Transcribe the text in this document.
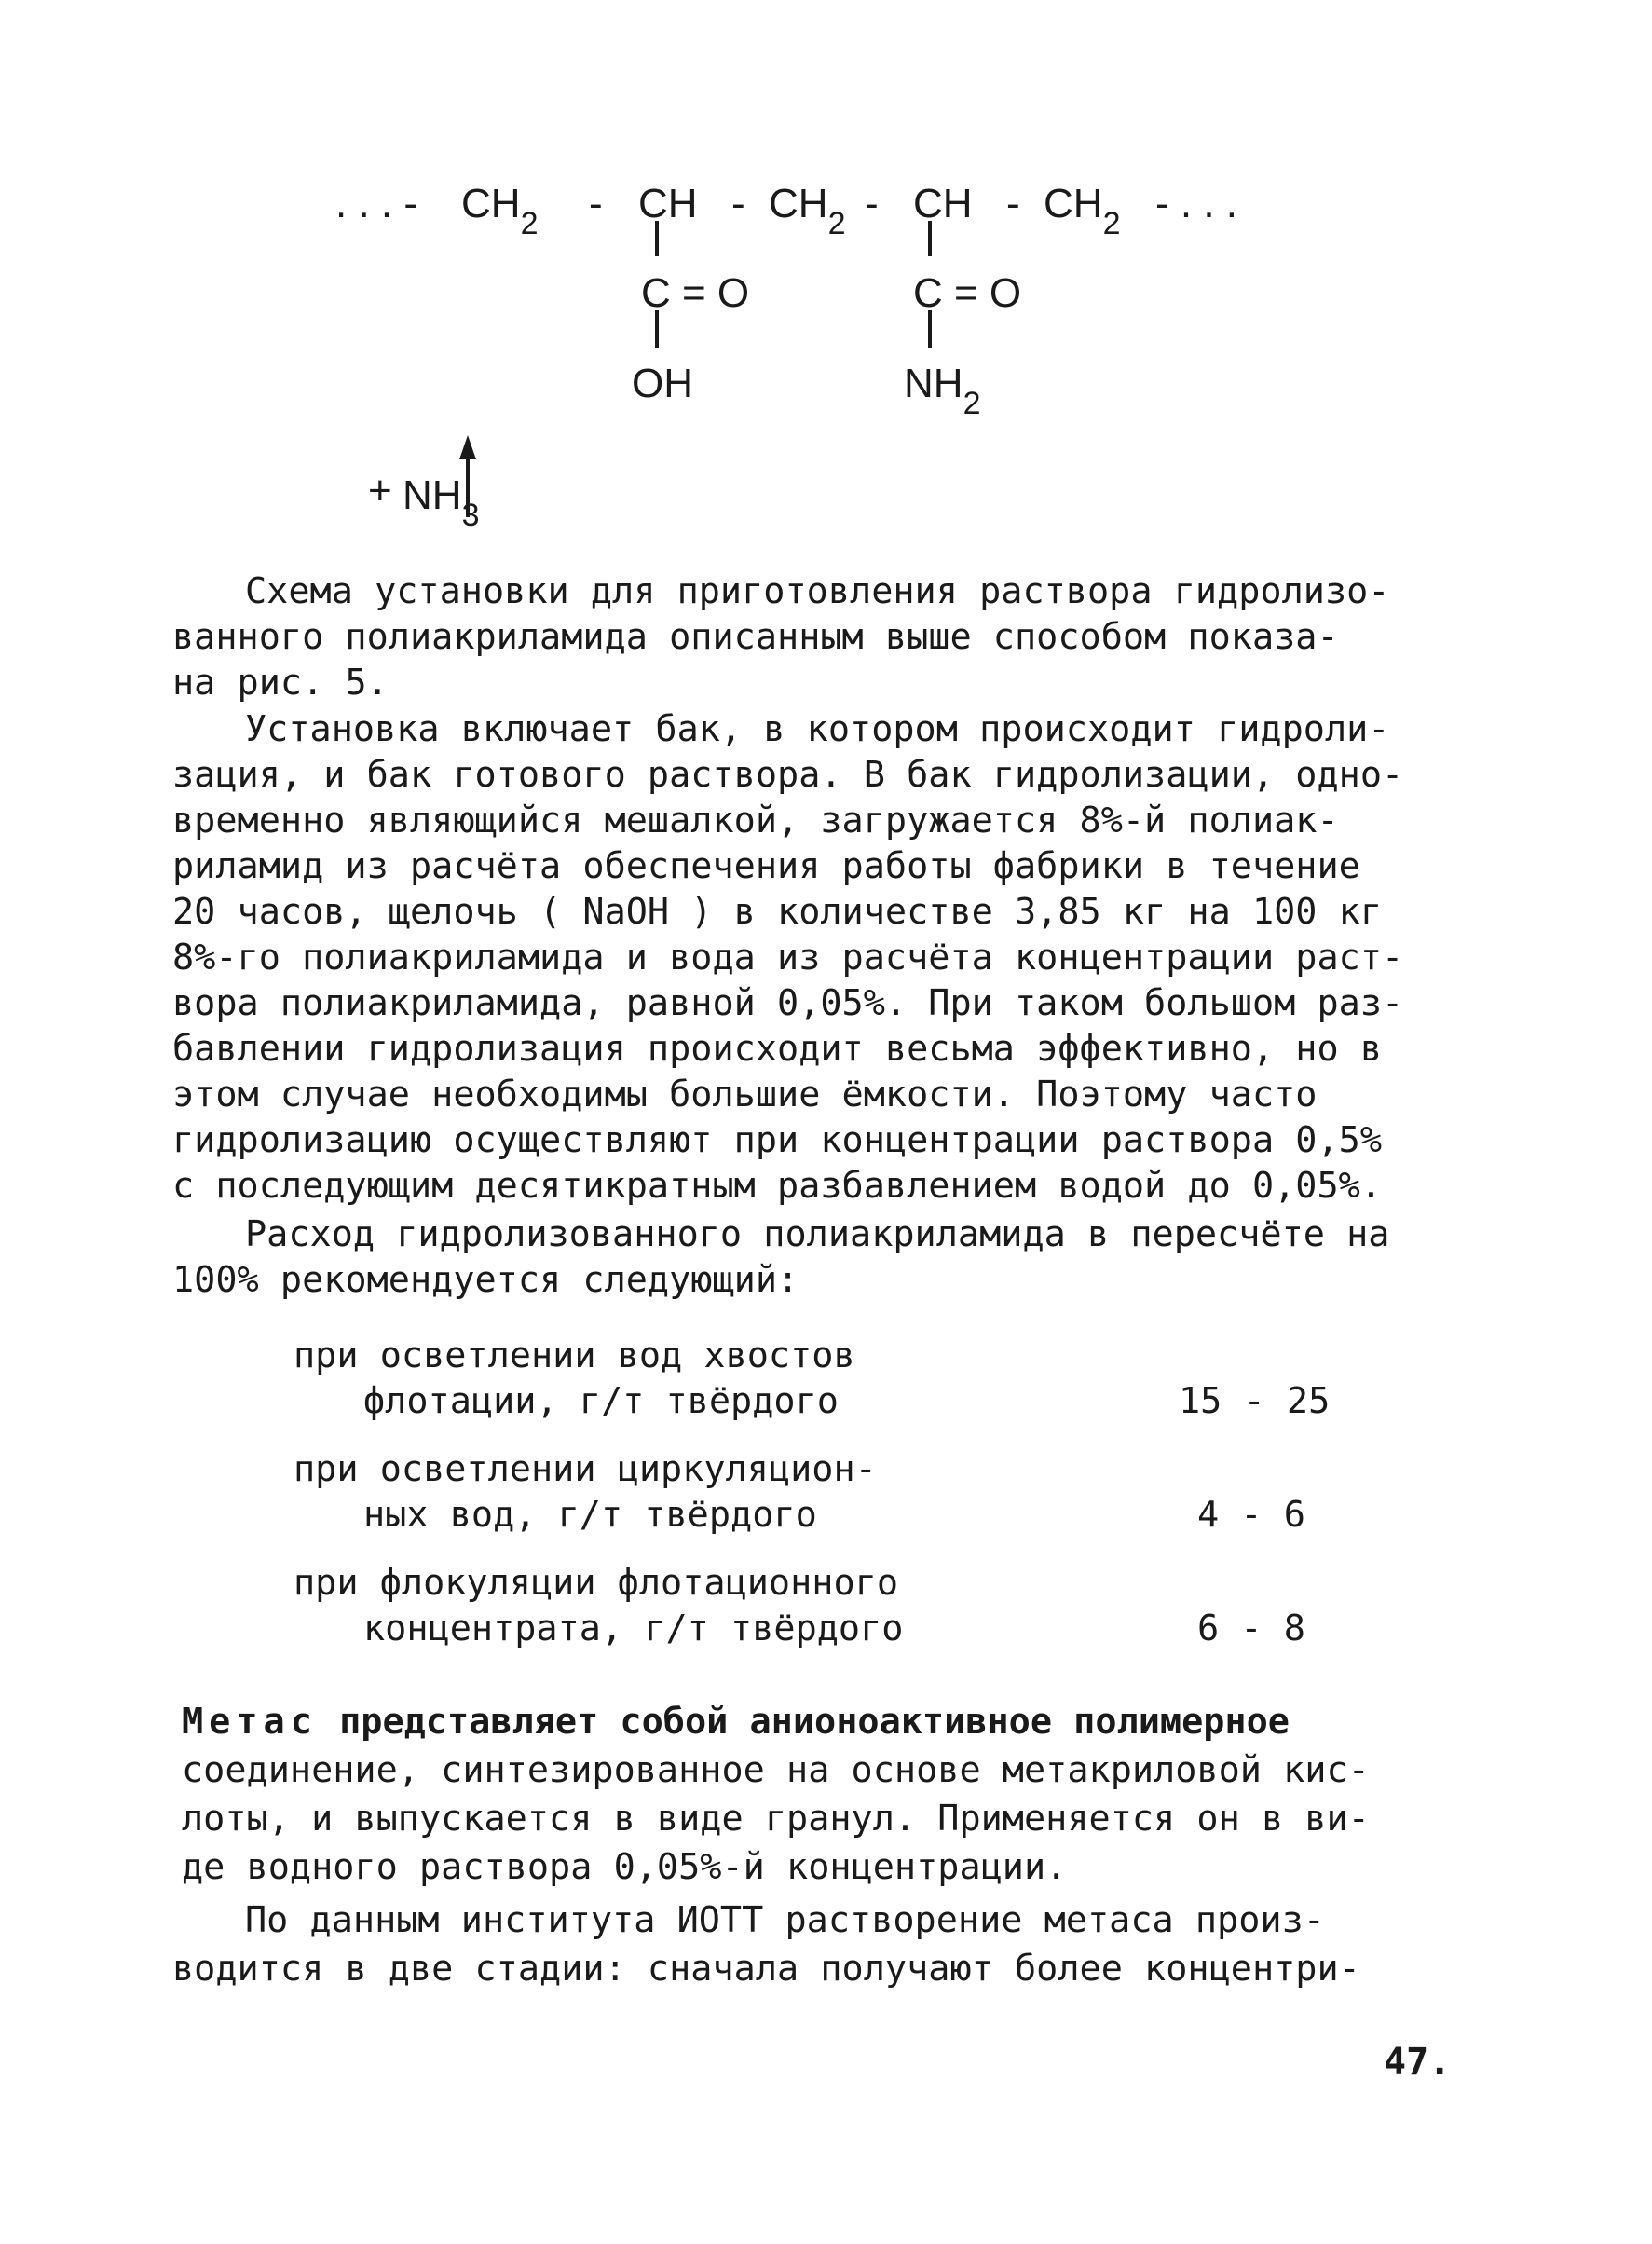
. . . - $CH_2$ - CH - $CH_2$ - CH - $CH_2$ - . . .
C = O	C = O
OH	$NH_2$
+ $NH_3$
Схема установки для приготовления раствора гидролизо-
ванного полиакриламида описанным выше способом показа-
на рис. 5.
Установка включает бак, в котором происходит гидроли-
зация, и бак готового раствора. В бак гидролизации, одно-
временно являющийся мешалкой, загружается 8%-й полиак-
риламид из расчёта обеспечения работы фабрики в течение
20 часов, щелочь ( NaOH ) в количестве 3,85 кг на 100 кг
8%-го полиакриламида и вода из расчёта концентрации раст-
вора полиакриламида, равной 0,05%. При таком большом раз-
бавлении гидролизация происходит весьма эффективно, но в
этом случае необходимы большие ёмкости. Поэтому часто
гидролизацию осуществляют при концентрации раствора 0,5%
с последующим десятикратным разбавлением водой до 0,05%.
Расход гидролизованного полиакриламида в пересчёте на
100% рекомендуется следующий:
при осветлении вод хвостов
флотации, г/т твёрдого	15 - 25
при осветлении циркуляцион-
ных вод, г/т твёрдого	4 - 6
при флокуляции флотационного
концентрата, г/т твёрдого	6 - 8
Метас представляет собой анионоактивное полимерное
соединение, синтезированное на основе метакриловой кис-
лоты, и выпускается в виде гранул. Применяется он в ви-
де водного раствора 0,05%-й концентрации.
По данным института ИОТТ растворение метаса произ-
водится в две стадии: сначала получают более концентри-
47.
